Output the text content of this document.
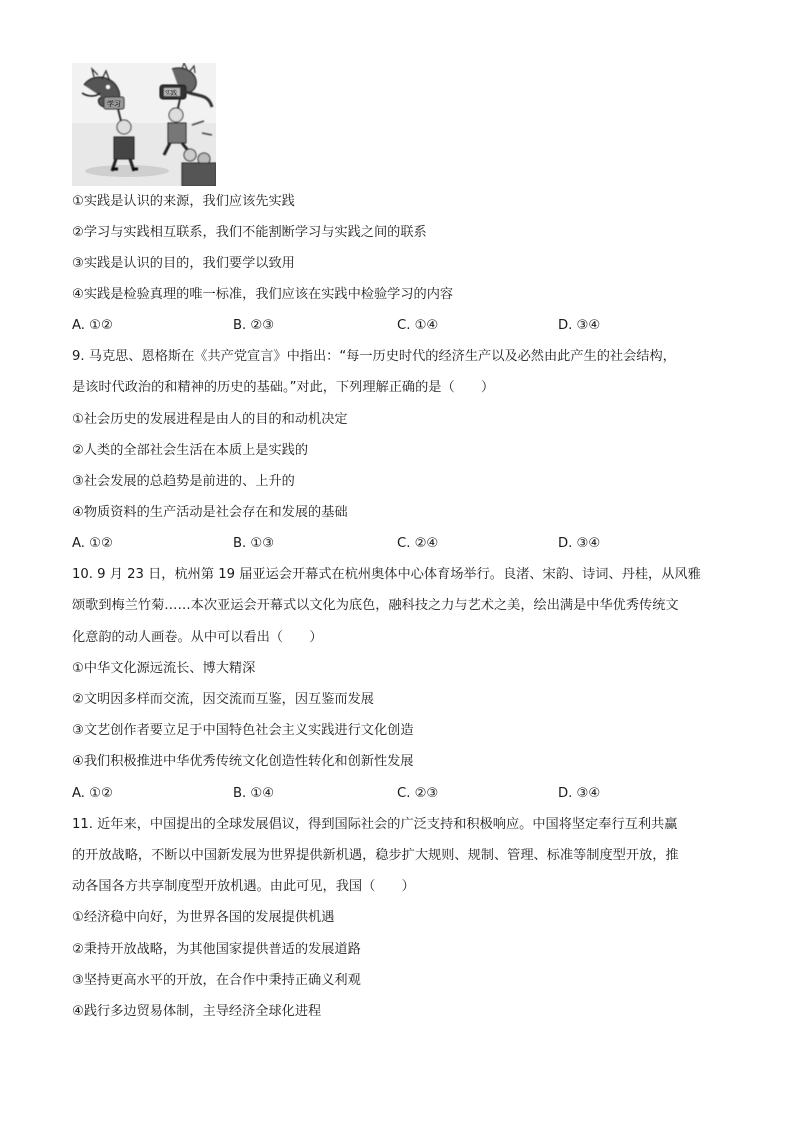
学习
实践
①实践是认识的来源，我们应该先实践
②学习与实践相互联系，我们不能割断学习与实践之间的联系
③实践是认识的目的，我们要学以致用
④实践是检验真理的唯一标准，我们应该在实践中检验学习的内容
A. ①②	B. ②③	C. ①④	D. ③④
9. 马克思、恩格斯在《共产党宣言》中指出：“每一历史时代的经济生产以及必然由此产生的社会结构，
是该时代政治的和精神的历史的基础。”对此，下列理解正确的是（　　）
①社会历史的发展进程是由人的目的和动机决定
②人类的全部社会生活在本质上是实践的
③社会发展的总趋势是前进的、上升的
④物质资料的生产活动是社会存在和发展的基础
A. ①②	B. ①③	C. ②④	D. ③④
10. 9 月 23 日，杭州第 19 届亚运会开幕式在杭州奥体中心体育场举行。良渚、宋韵、诗词、丹桂，从风雅
颂歌到梅兰竹菊……本次亚运会开幕式以文化为底色，融科技之力与艺术之美，绘出满是中华优秀传统文
化意韵的动人画卷。从中可以看出（　　）
①中华文化源远流长、博大精深
②文明因多样而交流，因交流而互鉴，因互鉴而发展
③文艺创作者要立足于中国特色社会主义实践进行文化创造
④我们积极推进中华优秀传统文化创造性转化和创新性发展
A. ①②	B. ①④	C. ②③	D. ③④
11. 近年来，中国提出的全球发展倡议，得到国际社会的广泛支持和积极响应。中国将坚定奉行互利共赢
的开放战略，不断以中国新发展为世界提供新机遇，稳步扩大规则、规制、管理、标准等制度型开放，推
动各国各方共享制度型开放机遇。由此可见，我国（　　）
①经济稳中向好，为世界各国的发展提供机遇
②秉持开放战略，为其他国家提供普适的发展道路
③坚持更高水平的开放，在合作中秉持正确义利观
④践行多边贸易体制，主导经济全球化进程
